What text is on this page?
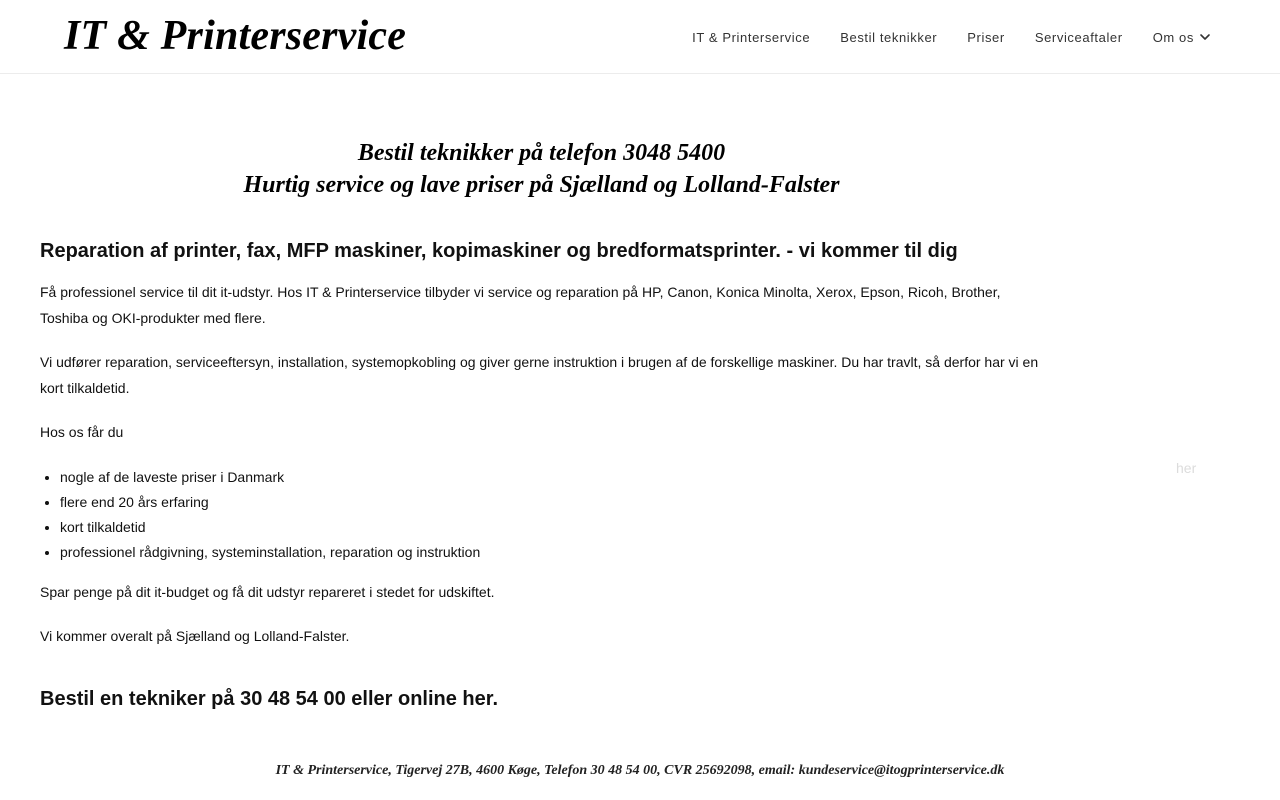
IT & Printerservice	IT & Printerservice Bestil teknikker Priser Serviceaftaler Om os
Bestil teknikker på telefon 3048 5400
Hurtig service og lave priser på Sjælland og Lolland-Falster
Reparation af printer, fax, MFP maskiner, kopimaskiner og bredformatsprinter. - vi kommer til dig

Få professionel service til dit it-udstyr. Hos IT & Printerservice tilbyder vi service og reparation på HP, Canon, Konica Minolta, Xerox, Epson, Ricoh, Brother, Toshiba og OKI-produkter med flere.

Vi udfører reparation, serviceeftersyn, installation, systemopkobling og giver gerne instruktion i brugen af de forskellige maskiner. Du har travlt, så derfor har vi en kort tilkaldetid.

Hos os får du

• nogle af de laveste priser i Danmark
• flere end 20 års erfaring
• kort tilkaldetid
• professionel rådgivning, systeminstallation, reparation og instruktion

Spar penge på dit it-budget og få dit udstyr repareret i stedet for udskiftet.

Vi kommer overalt på Sjælland og Lolland-Falster.

Bestil en tekniker på 30 48 54 00 eller online her.
her
IT & Printerservice, Tigervej 27B, 4600 Køge, Telefon 30 48 54 00, CVR 25692098, email: kundeservice@itogprinterservice.dk
